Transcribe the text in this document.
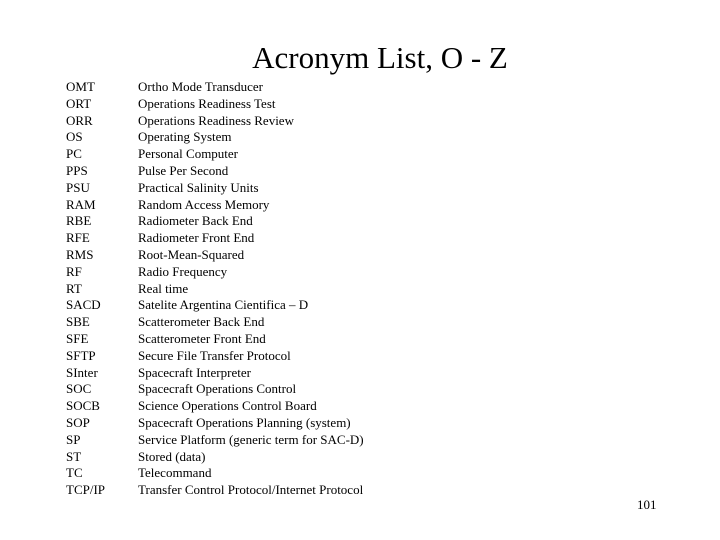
Acronym List, O - Z
OMT	Ortho Mode Transducer
ORT	Operations Readiness Test
ORR	Operations Readiness Review
OS	Operating System
PC	Personal Computer
PPS	Pulse Per Second
PSU	Practical Salinity Units
RAM	Random Access Memory
RBE	Radiometer Back End
RFE	Radiometer Front End
RMS	Root-Mean-Squared
RF	Radio Frequency
RT	Real time
SACD	Satelite Argentina Cientifica – D
SBE	Scatterometer Back End
SFE	Scatterometer Front End
SFTP	Secure File Transfer Protocol
SInter	Spacecraft Interpreter
SOC	Spacecraft Operations Control
SOCB	Science Operations Control Board
SOP	Spacecraft Operations Planning (system)
SP	Service Platform (generic term for SAC-D)
ST	Stored (data)
TC	Telecommand
TCP/IP	Transfer Control Protocol/Internet Protocol
101
